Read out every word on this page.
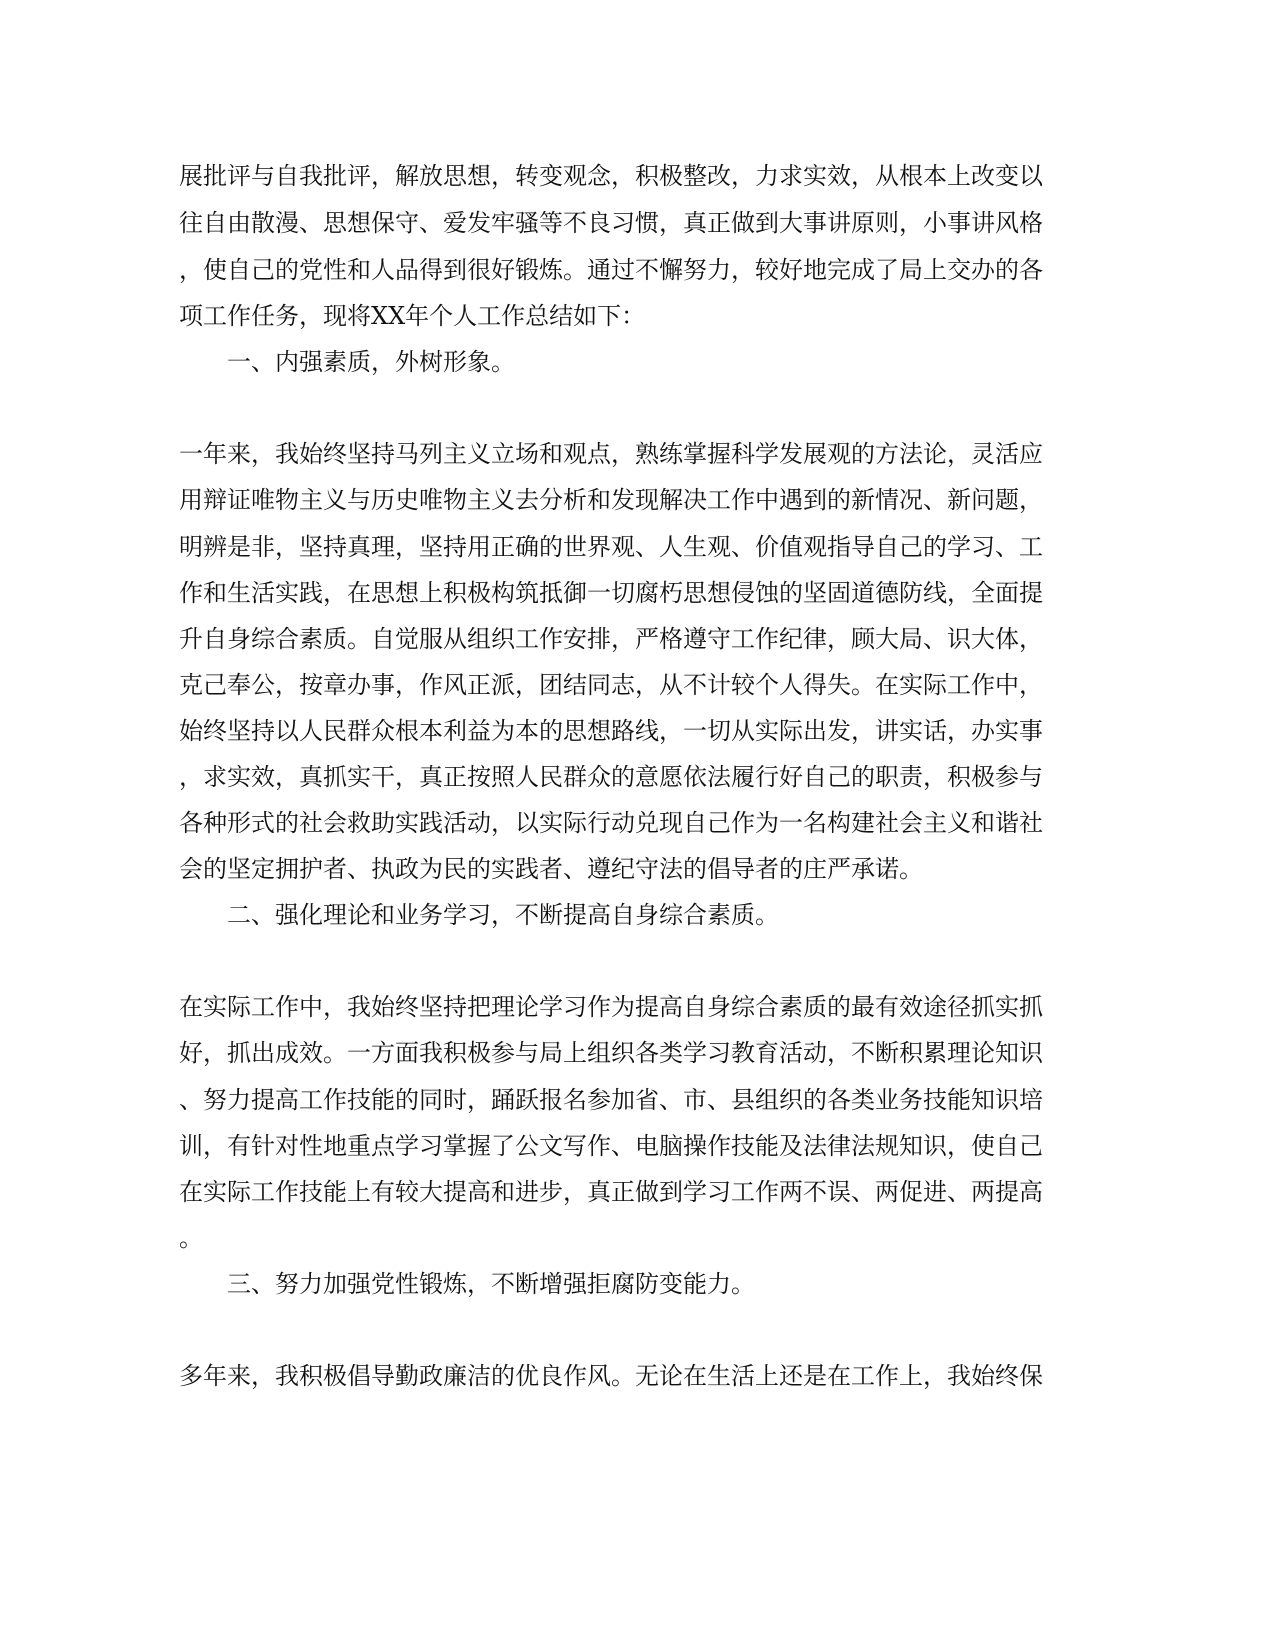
展批评与自我批评，解放思想，转变观念，积极整改，力求实效，从根本上改变以
往自由散漫、思想保守、爱发牢骚等不良习惯，真正做到大事讲原则，小事讲风格
，使自己的党性和人品得到很好锻炼。通过不懈努力，较好地完成了局上交办的各
项工作任务，现将XX年个人工作总结如下：
一、内强素质，外树形象。
一年来，我始终坚持马列主义立场和观点，熟练掌握科学发展观的方法论，灵活应
用辩证唯物主义与历史唯物主义去分析和发现解决工作中遇到的新情况、新问题，
明辨是非，坚持真理，坚持用正确的世界观、人生观、价值观指导自己的学习、工
作和生活实践，在思想上积极构筑抵御一切腐朽思想侵蚀的坚固道德防线，全面提
升自身综合素质。自觉服从组织工作安排，严格遵守工作纪律，顾大局、识大体，
克己奉公，按章办事，作风正派，团结同志，从不计较个人得失。在实际工作中，
始终坚持以人民群众根本利益为本的思想路线，一切从实际出发，讲实话，办实事
，求实效，真抓实干，真正按照人民群众的意愿依法履行好自己的职责，积极参与
各种形式的社会救助实践活动，以实际行动兑现自己作为一名构建社会主义和谐社
会的坚定拥护者、执政为民的实践者、遵纪守法的倡导者的庄严承诺。
二、强化理论和业务学习，不断提高自身综合素质。
在实际工作中，我始终坚持把理论学习作为提高自身综合素质的最有效途径抓实抓
好，抓出成效。一方面我积极参与局上组织各类学习教育活动，不断积累理论知识
、努力提高工作技能的同时，踊跃报名参加省、市、县组织的各类业务技能知识培
训，有针对性地重点学习掌握了公文写作、电脑操作技能及法律法规知识，使自己
在实际工作技能上有较大提高和进步，真正做到学习工作两不误、两促进、两提高
。
三、努力加强党性锻炼，不断增强拒腐防变能力。
多年来，我积极倡导勤政廉洁的优良作风。无论在生活上还是在工作上，我始终保
